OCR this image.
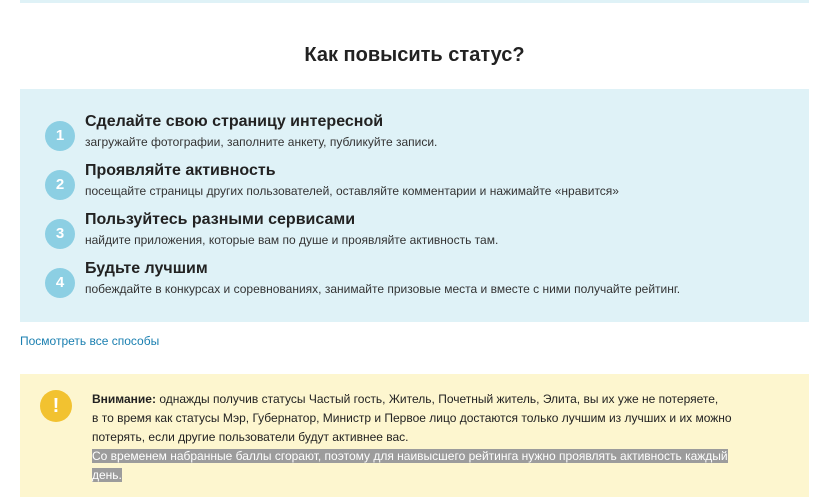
Как повысить статус?
1
Сделайте свою страницу интересной
загружайте фотографии, заполните анкету, публикуйте записи.
2
Проявляйте активность
посещайте страницы других пользователей, оставляйте комментарии и нажимайте «нравится»
3
Пользуйтесь разными сервисами
найдите приложения, которые вам по душе и проявляйте активность там.
4
Будьте лучшим
побеждайте в конкурсах и соревнованиях, занимайте призовые места и вместе с ними получайте рейтинг.
Посмотреть все способы
!	Внимание: однажды получив статусы Частый гость, Житель, Почетный житель, Элита, вы их уже не потеряете,
в то время как статусы Мэр, Губернатор, Министр и Первое лицо достаются только лучшим из лучших и их можно
потерять, если другие пользователи будут активнее вас.
Со временем набранные баллы сгорают, поэтому для наивысшего рейтинга нужно проявлять активность каждый
день.
